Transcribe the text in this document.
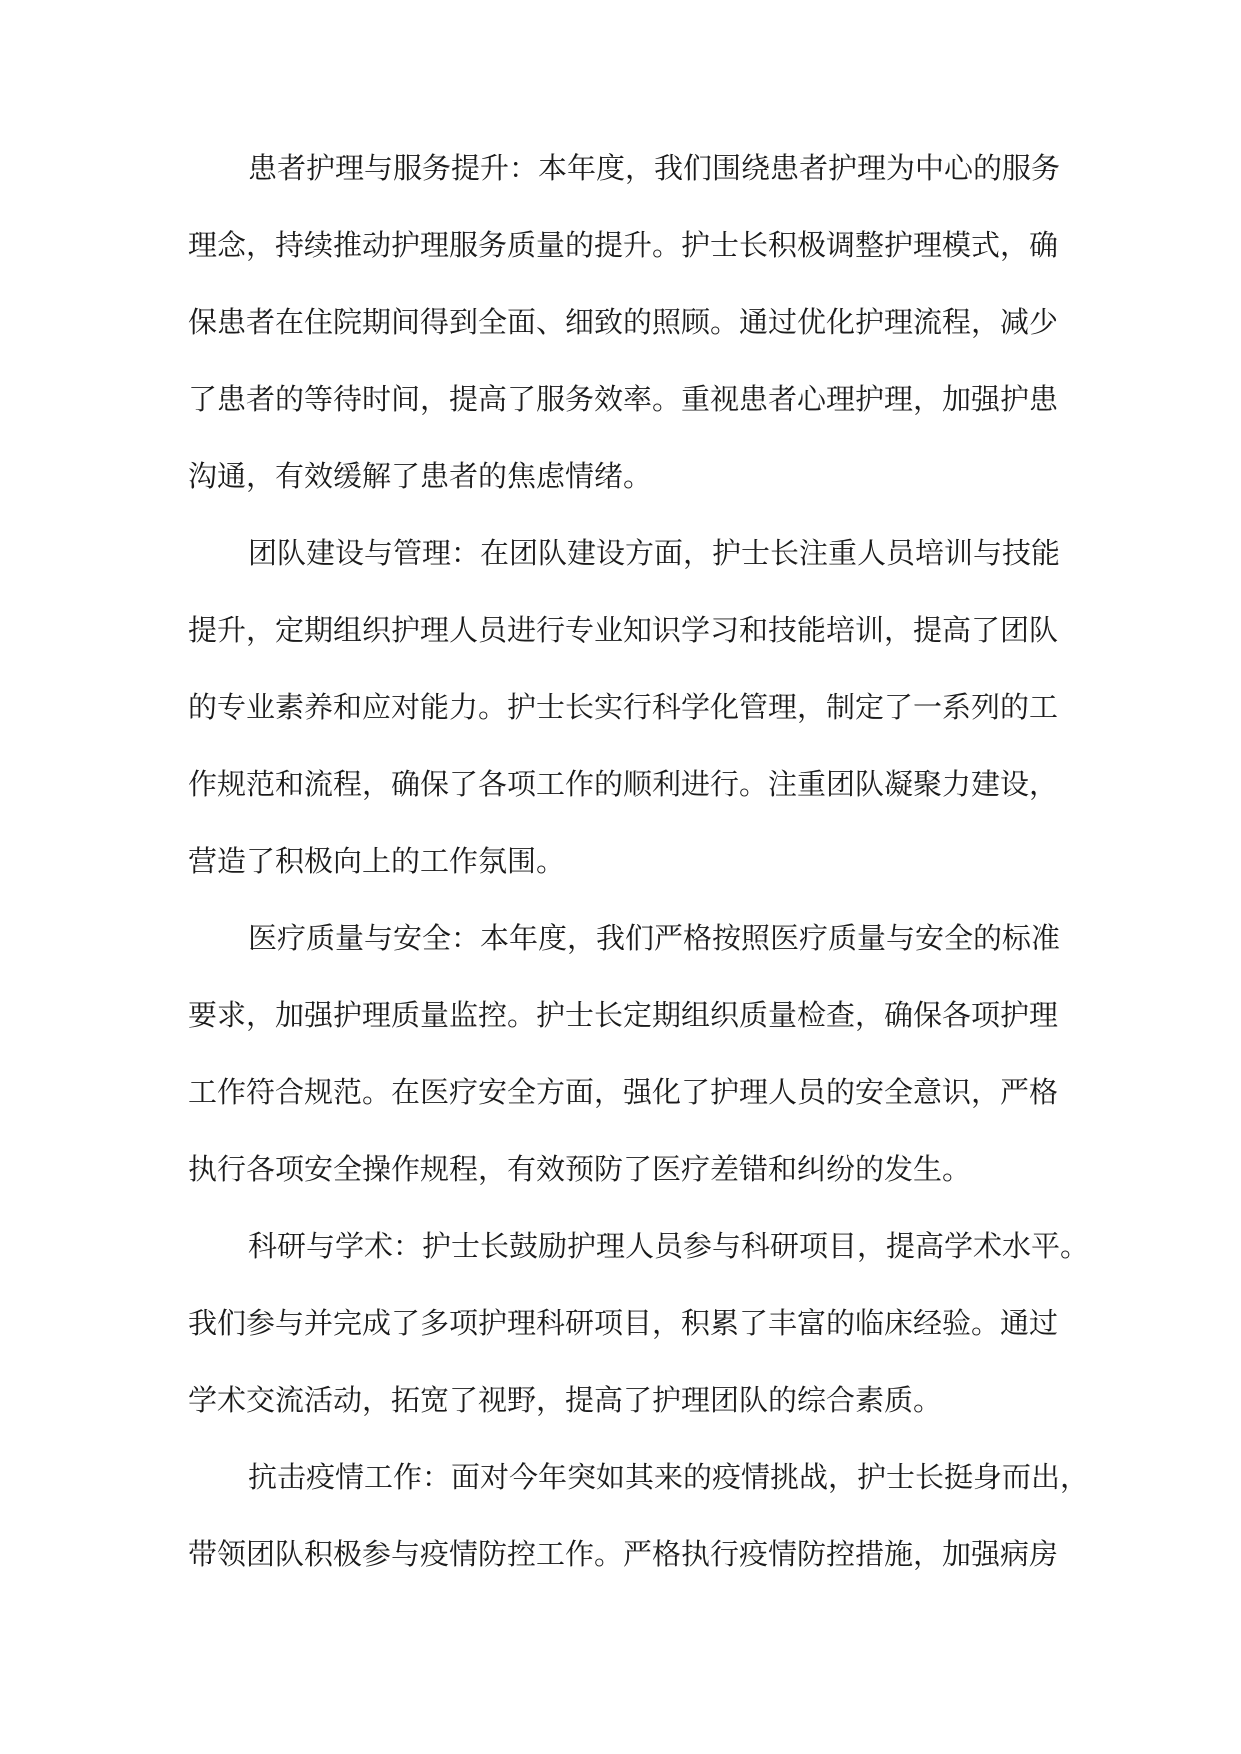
患者护理与服务提升：本年度，我们围绕患者护理为中心的服务
理念，持续推动护理服务质量的提升。护士长积极调整护理模式，确
保患者在住院期间得到全面、细致的照顾。通过优化护理流程，减少
了患者的等待时间，提高了服务效率。重视患者心理护理，加强护患
沟通，有效缓解了患者的焦虑情绪。
团队建设与管理：在团队建设方面，护士长注重人员培训与技能
提升，定期组织护理人员进行专业知识学习和技能培训，提高了团队
的专业素养和应对能力。护士长实行科学化管理，制定了一系列的工
作规范和流程，确保了各项工作的顺利进行。注重团队凝聚力建设，
营造了积极向上的工作氛围。
医疗质量与安全：本年度，我们严格按照医疗质量与安全的标准
要求，加强护理质量监控。护士长定期组织质量检查，确保各项护理
工作符合规范。在医疗安全方面，强化了护理人员的安全意识，严格
执行各项安全操作规程，有效预防了医疗差错和纠纷的发生。
科研与学术：护士长鼓励护理人员参与科研项目，提高学术水平。
我们参与并完成了多项护理科研项目，积累了丰富的临床经验。通过
学术交流活动，拓宽了视野，提高了护理团队的综合素质。
抗击疫情工作：面对今年突如其来的疫情挑战，护士长挺身而出，
带领团队积极参与疫情防控工作。严格执行疫情防控措施，加强病房
